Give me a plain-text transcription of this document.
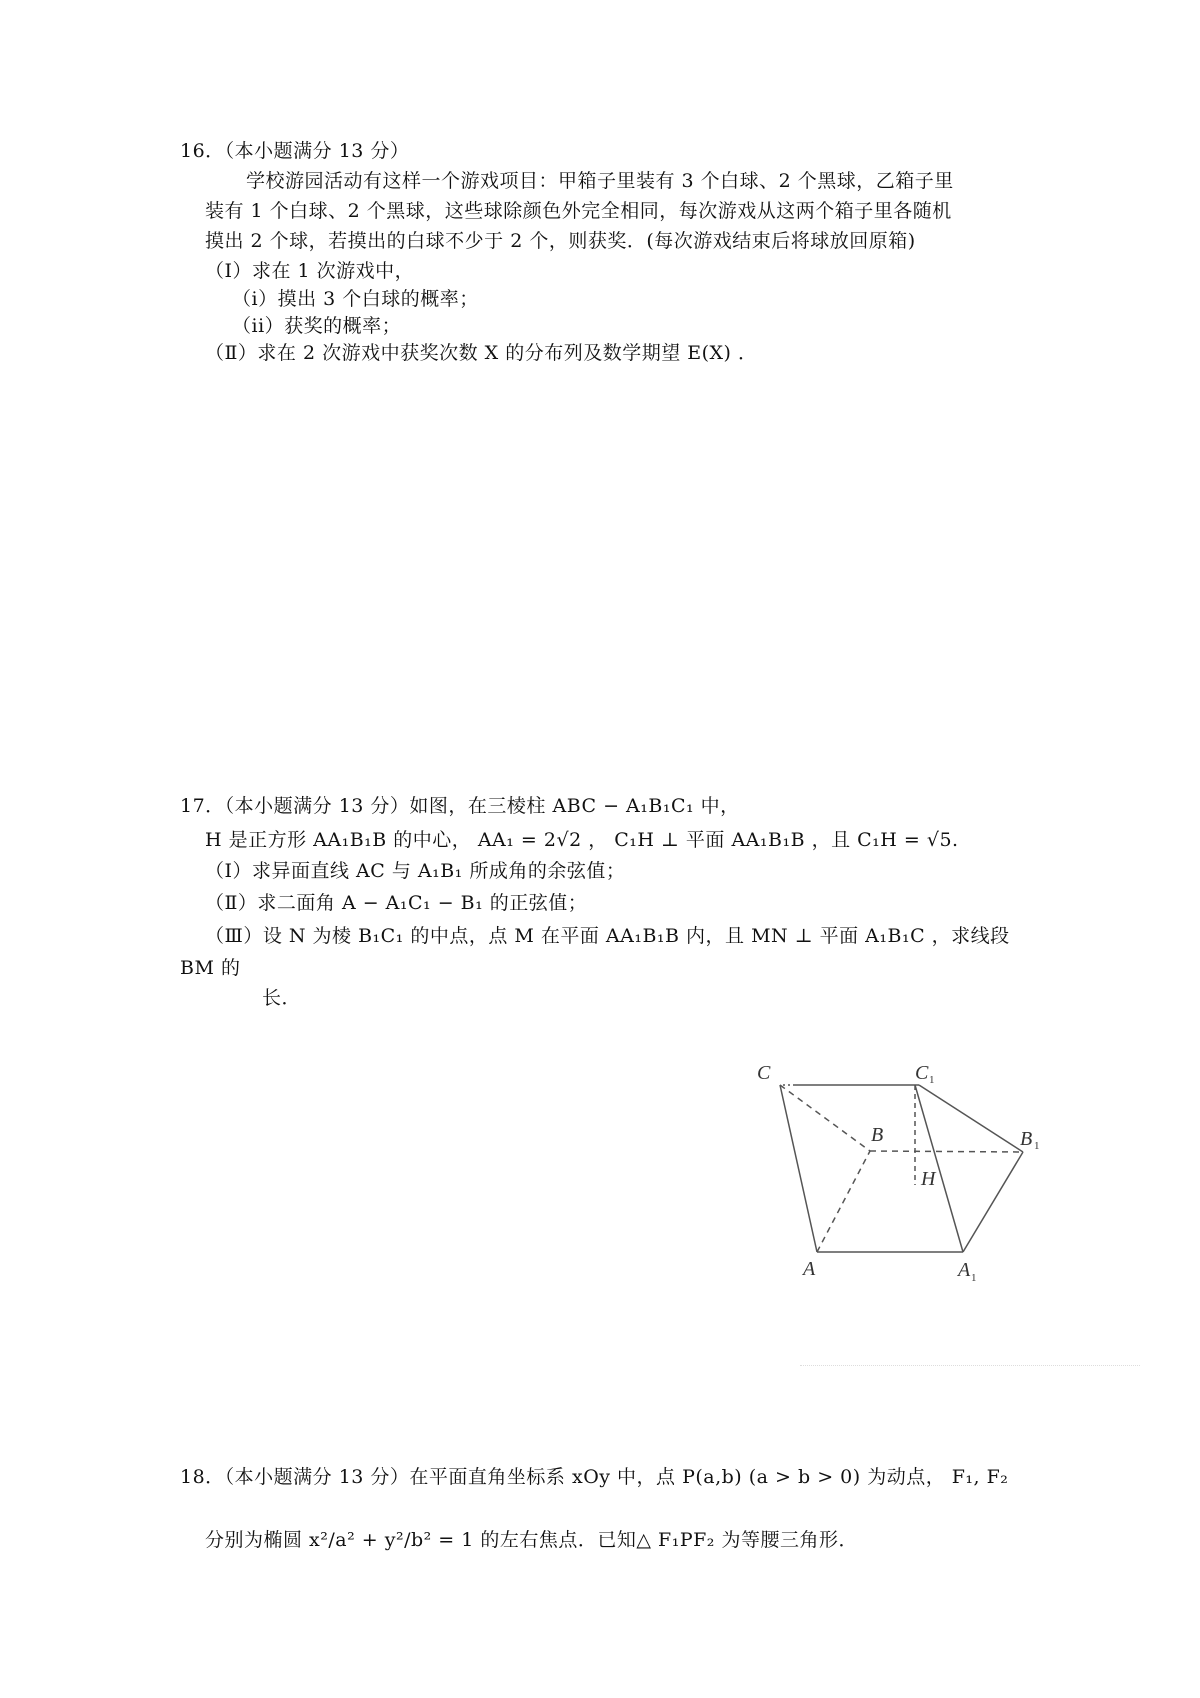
16．（本小题满分 13 分）
学校游园活动有这样一个游戏项目：甲箱子里装有 3 个白球、2 个黑球，乙箱子里
装有 1 个白球、2 个黑球，这些球除颜色外完全相同，每次游戏从这两个箱子里各随机
摸出 2 个球，若摸出的白球不少于 2 个，则获奖．(每次游戏结束后将球放回原箱)
（Ⅰ）求在 1 次游戏中，
（i）摸出 3 个白球的概率；
（ii）获奖的概率；
（Ⅱ）求在 2 次游戏中获奖次数 X 的分布列及数学期望 E(X) ．
17．（本小题满分 13 分）如图，在三棱柱 ABC − A₁B₁C₁ 中，
H 是正方形 AA₁B₁B 的中心， AA₁ = 2√2 ， C₁H ⊥ 平面 AA₁B₁B ，且 C₁H = √5.
（Ⅰ）求异面直线 AC 与 A₁B₁ 所成角的余弦值；
（Ⅱ）求二面角 A − A₁C₁ − B₁ 的正弦值；
（Ⅲ）设 N 为棱 B₁C₁ 的中点，点 M 在平面 AA₁B₁B 内，且 MN ⊥ 平面 A₁B₁C ，求线段
BM 的
长．
C	C 1
B	B 1
H
A	A 1
18．（本小题满分 13 分）在平面直角坐标系 xOy 中，点 P(a,b) (a > b > 0) 为动点， F₁, F₂
分别为椭圆 x²/a² + y²/b² = 1 的左右焦点．已知△ F₁PF₂ 为等腰三角形．
